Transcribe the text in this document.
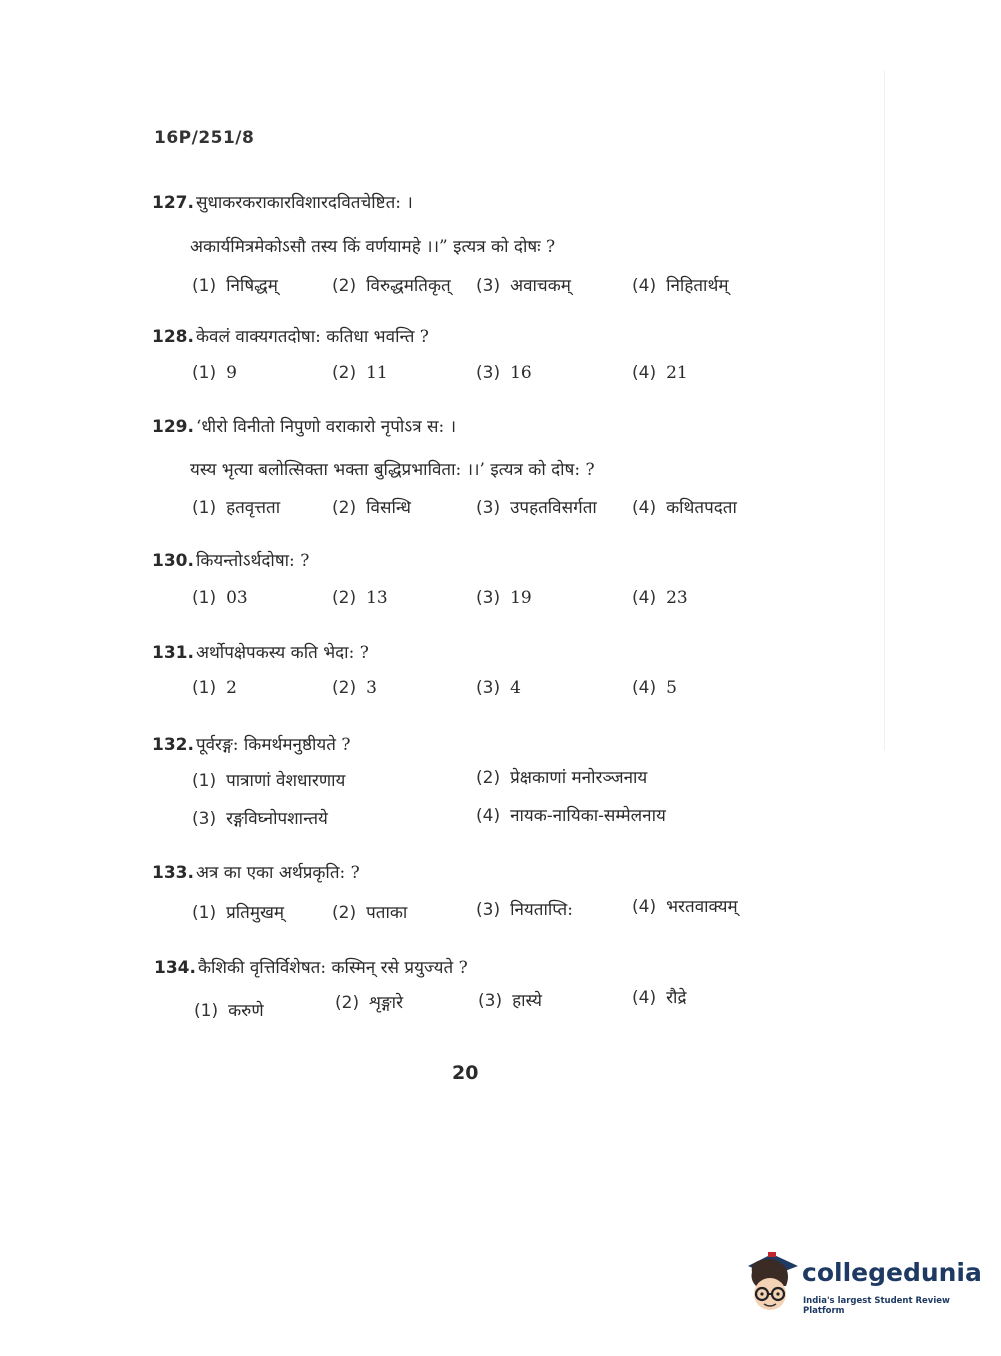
16P/251/8
127. सुधाकरकराकारविशारदवितचेष्टित: ।
अकार्यमित्रमेकोऽसौ तस्य किं वर्णयामहे ।।” इत्यत्र को दोषः ?
(1) निषिद्धम्	(2) विरुद्धमतिकृत् (3) अवाचकम्	(4) निहितार्थम्
128. केवलं वाक्यगतदोषा: कतिधा भवन्ति ?
(1) 9	(2) 11	(3) 16	(4) 21
129. ‘धीरो विनीतो निपुणो वराकारो नृपोऽत्र स: ।
यस्य भृत्या बलोत्सिक्ता भक्ता बुद्धिप्रभाविता: ।।’ इत्यत्र को दोष: ?
(1) हतवृत्तता	(2) विसन्धि	(3) उपहतविसर्गता (4) कथितपदता
130. कियन्तोऽर्थदोषा: ?
(1) 03	(2) 13	(3) 19	(4) 23
131. अर्थोपक्षेपकस्य कति भेदा: ?
(1) 2	(2) 3	(3) 4	(4) 5
132. पूर्वरङ्ग: किमर्थमनुष्ठीयते ?
(1) पात्राणां वेशधारणाय	(2) प्रेक्षकाणां मनोरञ्जनाय
(3) रङ्गविघ्नोपशान्तये	(4) नायक-नायिका-सम्मेलनाय
133. अत्र का एका अर्थप्रकृति: ?
(1) प्रतिमुखम्	(2) पताका	(3) नियताप्ति:	(4) भरतवाक्यम्
134. कैशिकी वृत्तिर्विशेषत: कस्मिन् रसे प्रयुज्यते ?
(1) करुणे	(2) शृङ्गारे	(3) हास्ये	(4) रौद्रे
20
collegedunia
India's largest Student Review Platform
